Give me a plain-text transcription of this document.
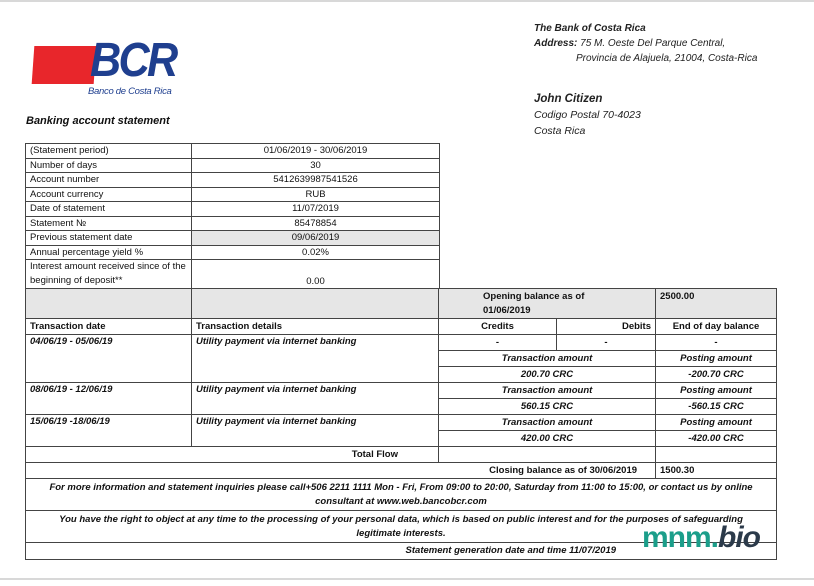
BCR
Banco de Costa Rica
Banking account statement
The Bank of Costa Rica
Address: 75 M. Oeste Del Parque Central,
Provincia de Alajuela, 21004, Costa-Rica
John Citizen
Codigo Postal 70-4023
Costa Rica
(Statement period)	01/06/2019 - 30/06/2019
Number of days	30
Account number	5412639987541526
Account currency	RUB
Date of statement	11/07/2019
Statement №	85478854
Previous statement date	09/06/2019
Annual percentage yield %	0.02%
Interest amount received since of the beginning of deposit**	0.00
		Opening balance as of 01/06/2019		2500.00
Transaction date	Transaction details	Credits	Debits	End of day balance
04/06/19 - 05/06/19	Utility payment via internet banking	-	-	-
		Transaction amount		Posting amount
		200.70 CRC		-200.70 CRC
08/06/19 - 12/06/19	Utility payment via internet banking	Transaction amount		Posting amount
		560.15 CRC		-560.15 CRC
15/06/19 -18/06/19	Utility payment via internet banking	Transaction amount		Posting amount
		420.00 CRC		-420.00 CRC
Total Flow				
Closing balance as of 30/06/2019				1500.30
For more information and statement inquiries please call+506 2211 1111 Mon - Fri, From 09:00 to 20:00, Saturday from 11:00 to 15:00, or contact us by online consultant at www.web.bancobcr.com				
You have the right to object at any time to the processing of your personal data, which is based on public interest and for the purposes of safeguarding legitimate interests.				
Statement generation date and time 11/07/2019				mnm.bio
